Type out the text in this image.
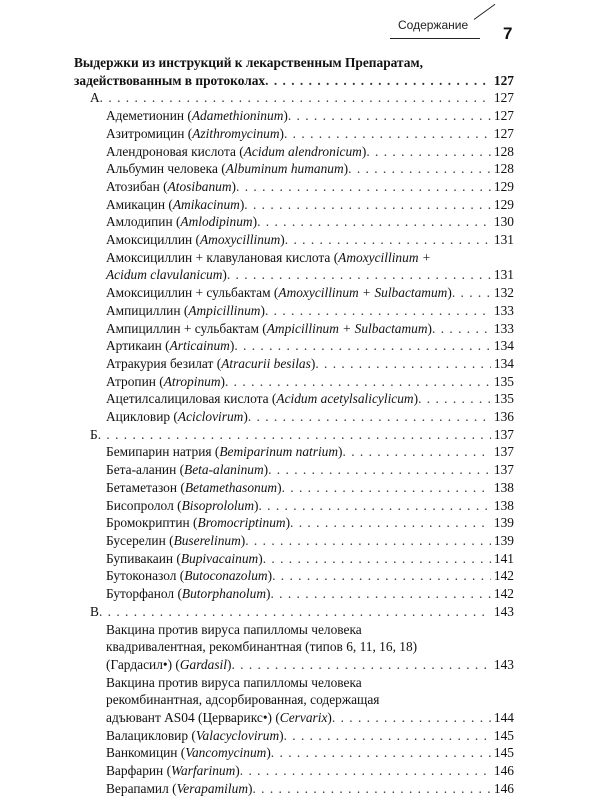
Содержание 7
Выдержки из инструкций к лекарственным Препаратам,
задействованным в протоколах . . .	127
А . . .	127
Адеметионин ( Adamethioninum ) . . .	127
Азитромицин ( Azithromycinum ) . . .	127
Алендроновая кислота ( Acidum alendronicum ) . . .	128
Альбумин человека ( Albuminum humanum ) . . .	128
Атозибан ( Atosibanum ) . . .	129
Амикацин ( Amikacinum ) . . .	129
Амлодипин ( Amlodipinum ) . . .	130
Амоксициллин ( Amoxycillinum ) . . .	131
Амоксициллин + клавулановая кислота (Amoxycillinum +
Acidum clavulanicum ) . . .	131
Амоксициллин + сульбактам ( Amoxycillinum + Sulbactamum ) . . .	132
Ампициллин ( Ampicillinum ) . . .	133
Ампициллин + сульбактам ( Ampicillinum + Sulbactamum ) . . .	133
Артикаин ( Articainum ) . . .	134
Атракурия безилат ( Atracurii besilas ) . . .	134
Атропин ( Atropinum ) . . .	135
Ацетилсалициловая кислота ( Acidum acetylsalicylicum ) . . .	135
Ацикловир ( Aciclovirum ) . . .	136
Б . . .	137
Бемипарин натрия ( Bemiparinum natrium ) . . .	137
Бета-аланин ( Beta-alaninum ) . . .	137
Бетаметазон ( Betamethasonum ) . . .	138
Бисопролол ( Bisoprololum ) . . .	138
Бромокриптин ( Bromocriptinum ) . . .	139
Бусерелин ( Buserelinum ) . . .	139
Бупивакаин ( Bupivacainum ) . . .	141
Бутоконазол ( Butoconazolum ) . . .	142
Буторфанол ( Butorphanolum ) . . .	142
В . . .	143
Вакцина против вируса папилломы человека
квадривалентная, рекомбинантная (типов 6, 11, 16, 18)
(Гардасил•) ( Gardasil ) . . .	143
Вакцина против вируса папилломы человека
рекомбинантная, адсорбированная, содержащая
адъювант AS04 (Церварикс•) ( Cervarix ) . . .	144
Валацикловир ( Valacyclovirum ) . . .	145
Ванкомицин ( Vancomycinum ) . . .	145
Варфарин ( Warfarinum ) . . .	146
Верапамил ( Verapamilum ) . . .	146
